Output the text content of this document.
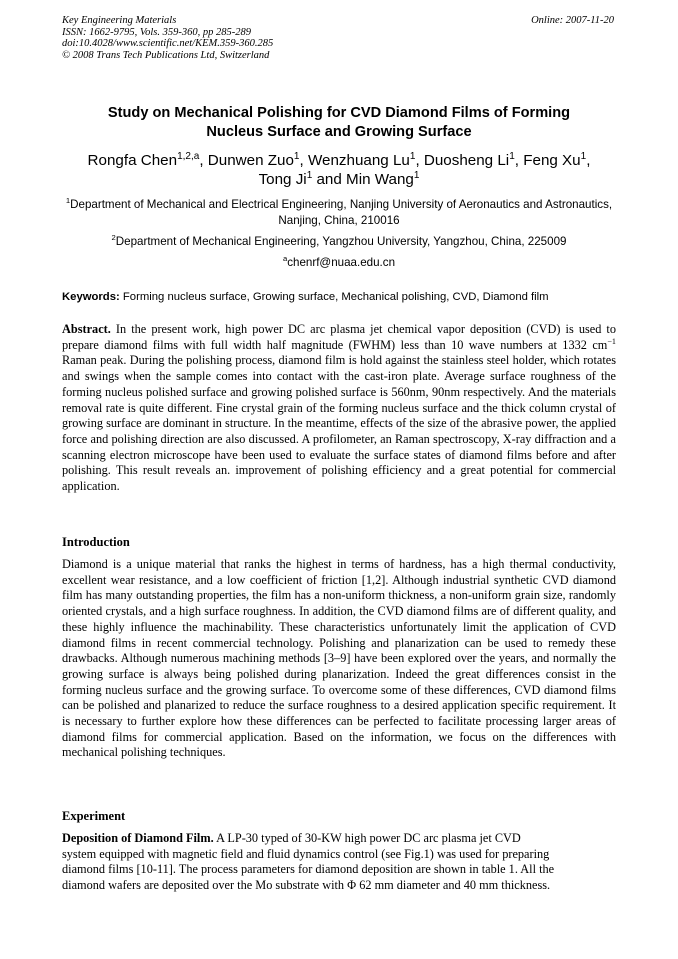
Key Engineering Materials
ISSN: 1662-9795, Vols. 359-360, pp 285-289
doi:10.4028/www.scientific.net/KEM.359-360.285
© 2008 Trans Tech Publications Ltd, Switzerland
Online: 2007-11-20
Study on Mechanical Polishing for CVD Diamond Films of Forming
Nucleus Surface and Growing Surface
Rongfa Chen$^{1,2,a}$, Dunwen Zuo$^1$, Wenzhuang Lu$^1$, Duosheng Li$^1$, Feng Xu$^1$,
Tong Ji$^1$ and Min Wang$^1$
$^1$Department of Mechanical and Electrical Engineering, Nanjing University of Aeronautics and Astronautics, Nanjing, China, 210016
$^2$Department of Mechanical Engineering, Yangzhou University, Yangzhou, China, 225009
$^a$chenrf@nuaa.edu.cn
Keywords: Forming nucleus surface, Growing surface, Mechanical polishing, CVD, Diamond film
Abstract. In the present work, high power DC arc plasma jet chemical vapor deposition (CVD) is used to prepare diamond films with full width half magnitude (FWHM) less than 10 wave numbers at 1332 $cm^{-1}$ Raman peak. During the polishing process, diamond film is hold against the stainless steel holder, which rotates and swings when the sample comes into contact with the cast-iron plate. Average surface roughness of the forming nucleus polished surface and growing polished surface is 560nm, 90nm respectively. And the materials removal rate is quite different. Fine crystal grain of the forming nucleus surface and the thick column crystal of growing surface are dominant in structure. In the meantime, effects of the size of the abrasive power, the applied force and polishing direction are also discussed. A profilometer, an Raman spectroscopy, X-ray diffraction and a scanning electron microscope have been used to evaluate the surface states of diamond films before and after polishing. This result reveals an. improvement of polishing efficiency and a great potential for commercial application.
Introduction
Diamond is a unique material that ranks the highest in terms of hardness, has a high thermal conductivity, excellent wear resistance, and a low coefficient of friction [1,2]. Although industrial synthetic CVD diamond film has many outstanding properties, the film has a non-uniform thickness, a non-uniform grain size, randomly oriented crystals, and a high surface roughness. In addition, the CVD diamond films are of different quality, and these highly influence the machinability. These characteristics unfortunately limit the application of CVD diamond films in recent commercial technology. Polishing and planarization can be used to remedy these drawbacks. Although numerous machining methods [3–9] have been explored over the years, and normally the growing surface is always being polished during planarization. Indeed the great differences consist in the forming nucleus surface and the growing surface. To overcome some of these differences, CVD diamond films can be polished and planarized to reduce the surface roughness to a desired application specific requirement. It is necessary to further explore how these differences can be perfected to facilitate processing larger areas of diamond films for commercial application. Based on the information, we focus on the differences with mechanical polishing techniques.
Experiment
Deposition of Diamond Film. A LP-30 typed of 30-KW high power DC arc plasma jet CVD
system equipped with magnetic field and fluid dynamics control (see Fig.1) was used for preparing
diamond films [10-11]. The process parameters for diamond deposition are shown in table 1. All the
diamond wafers are deposited over the Mo substrate with Φ 62 mm diameter and 40 mm thickness.
